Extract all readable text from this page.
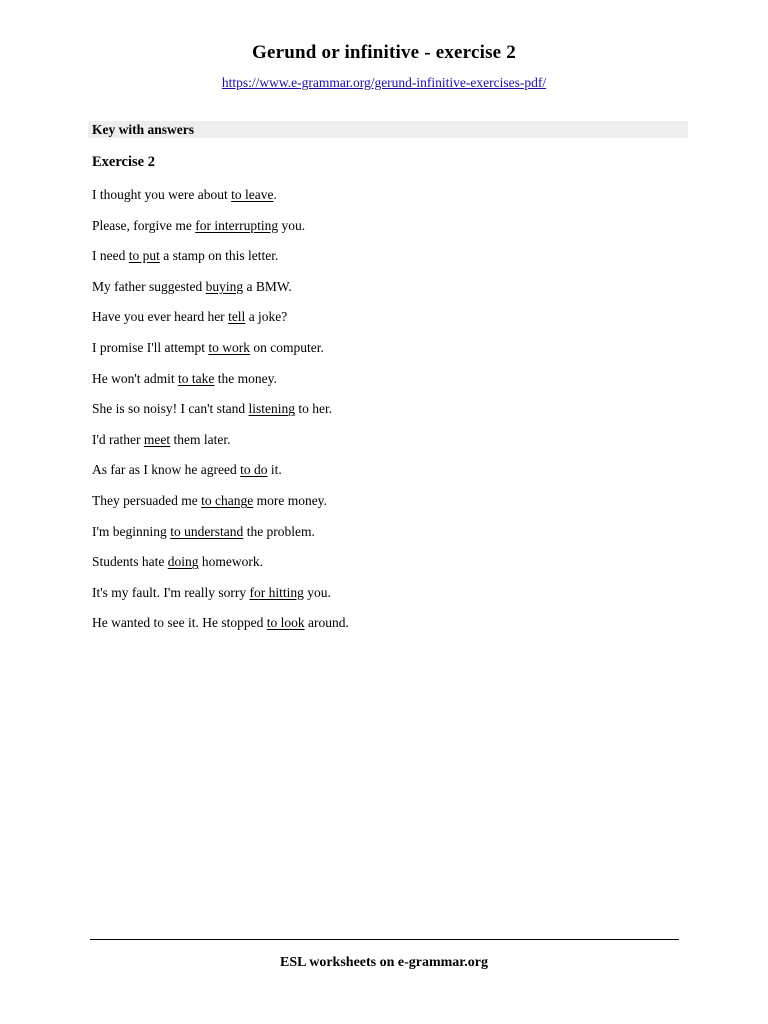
Gerund or infinitive - exercise 2
https://www.e-grammar.org/gerund-infinitive-exercises-pdf/
Key with answers
Exercise 2
I thought you were about to leave.
Please, forgive me for interrupting you.
I need to put a stamp on this letter.
My father suggested buying a BMW.
Have you ever heard her tell a joke?
I promise I'll attempt to work on computer.
He won't admit to take the money.
She is so noisy! I can't stand listening to her.
I'd rather meet them later.
As far as I know he agreed to do it.
They persuaded me to change more money.
I'm beginning to understand the problem.
Students hate doing homework.
It's my fault. I'm really sorry for hitting you.
He wanted to see it. He stopped to look around.
ESL worksheets on e-grammar.org
